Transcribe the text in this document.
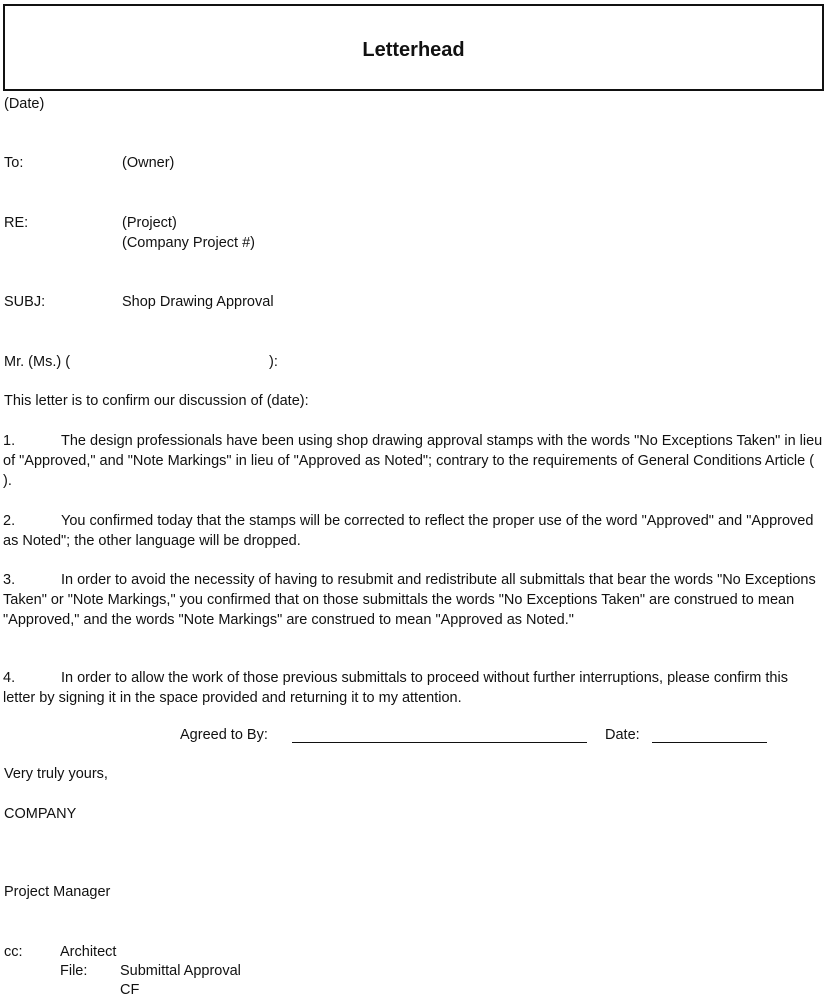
Letterhead
(Date)
To:	(Owner)
RE:	(Project)
(Company Project #)
SUBJ:	Shop Drawing Approval
Mr. (Ms.) (	):
This letter is to confirm our discussion of (date):
1.	The design professionals have been using shop drawing approval stamps with the words "No Exceptions Taken" in lieu of "Approved," and "Note Markings" in lieu of "Approved as Noted"; contrary to the requirements of General Conditions Article ( ).
2.	You confirmed today that the stamps will be corrected to reflect the proper use of the word "Approved" and "Approved as Noted"; the other language will be dropped.
3.	In order to avoid the necessity of having to resubmit and redistribute all submittals that bear the words "No Exceptions Taken" or "Note Markings," you confirmed that on those submittals the words "No Exceptions Taken" are construed to mean "Approved," and the words "Note Markings" are construed to mean "Approved as Noted."
4.	In order to allow the work of those previous submittals to proceed without further interruptions, please confirm this letter by signing it in the space provided and returning it to my attention.
Agreed to By:	Date:
Very truly yours,
COMPANY
Project Manager
cc:	Architect
File: Submittal Approval
CF
